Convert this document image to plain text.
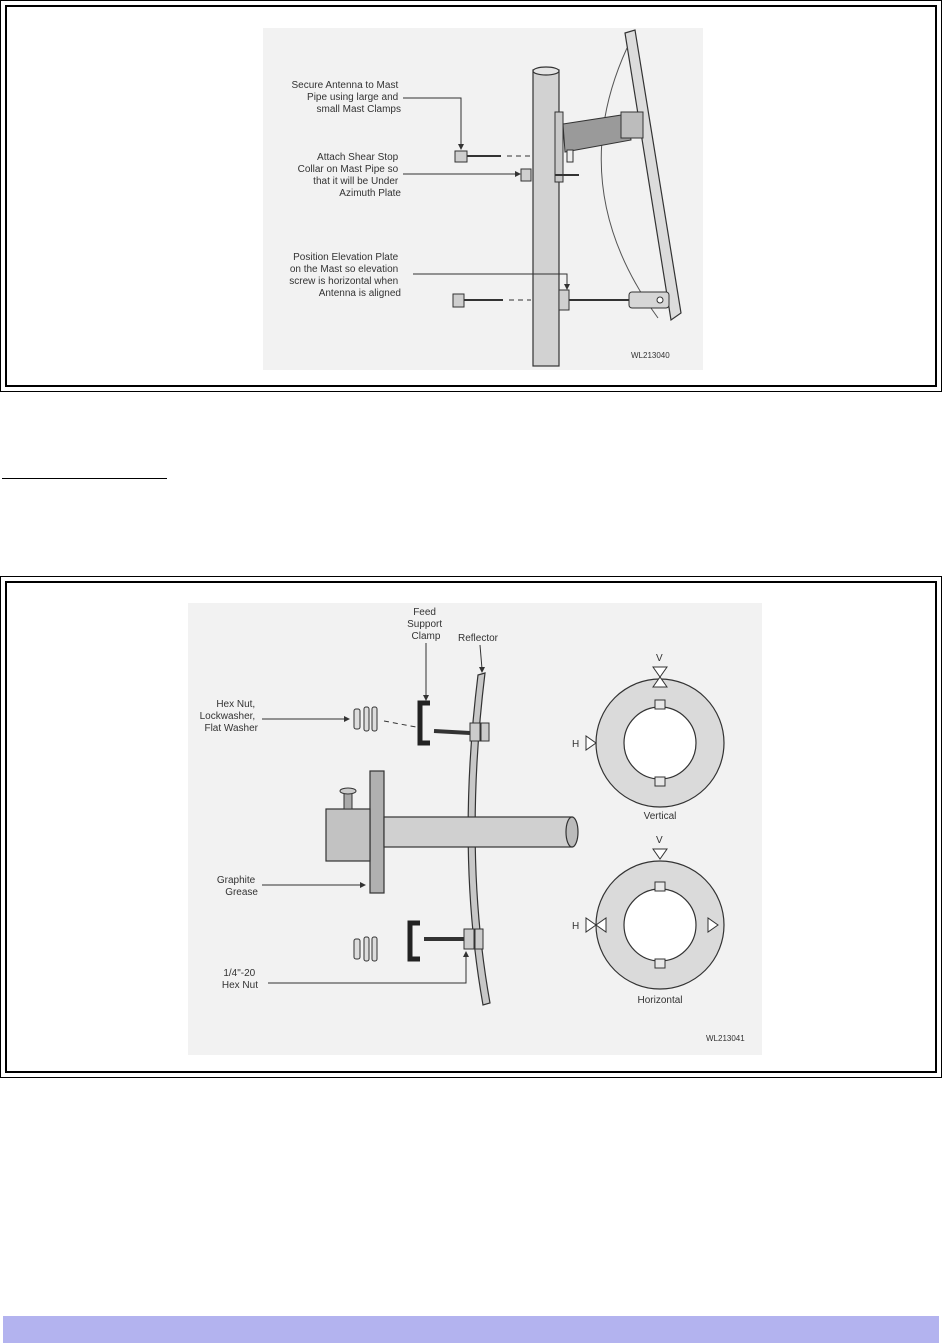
Secure Antenna to Mast Pipe using large and small Mast Clamps
Attach Shear Stop Collar on Mast Pipe so that it will be Under Azimuth Plate
Position Elevation Plate on the Mast so elevation screw is horizontal when Antenna is aligned
WL213040
Feed Support Clamp	Reflector
Hex Nut, Lockwasher, Flat Washer
Graphite Grease
1/4"-20 Hex Nut
V
H
Vertical
V
H
Horizontal
WL213041
